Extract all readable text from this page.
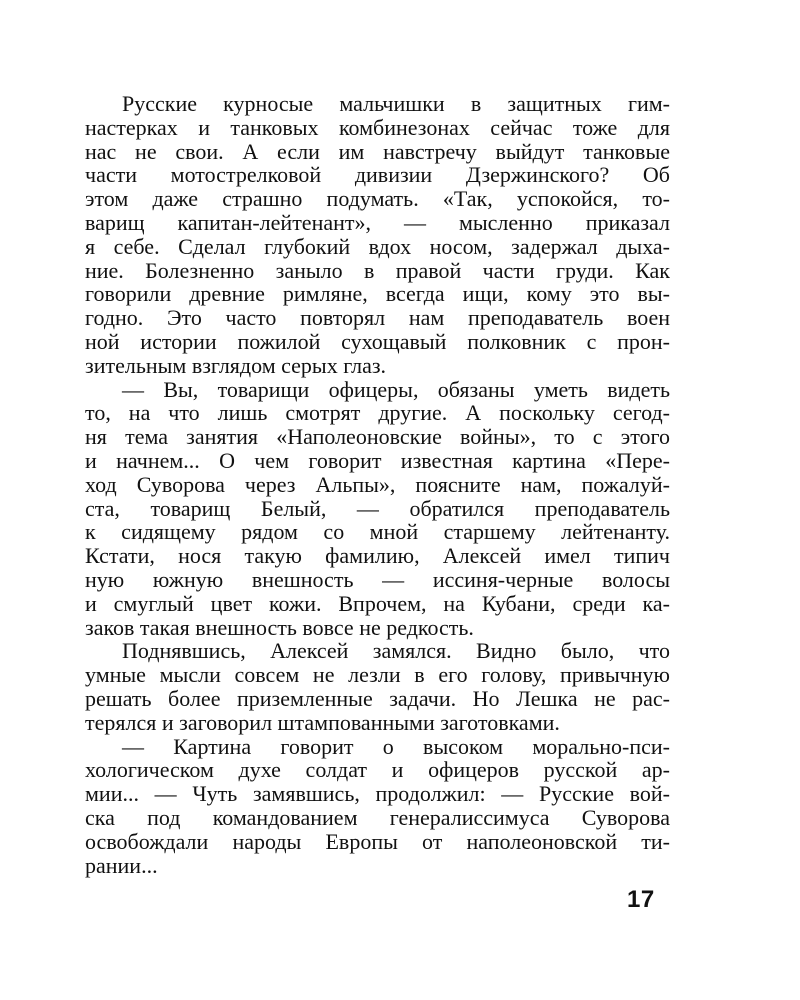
Русские курносые мальчишки в защитных гим-
настерках и танковых комбинезонах сейчас тоже для
нас не свои. А если им навстречу выйдут танковые
части мотострелковой дивизии Дзержинского? Об
этом даже страшно подумать. «Так, успокойся, то-
варищ капитан-лейтенант», — мысленно приказал
я себе. Сделал глубокий вдох носом, задержал дыха-
ние. Болезненно заныло в правой части груди. Как
говорили древние римляне, всегда ищи, кому это вы-
годно. Это часто повторял нам преподаватель воен
ной истории пожилой сухощавый полковник с прон-
зительным взглядом серых глаз.
— Вы, товарищи офицеры, обязаны уметь видеть
то, на что лишь смотрят другие. А поскольку сегод-
ня тема занятия «Наполеоновские войны», то с этого
и начнем... О чем говорит известная картина «Пере-
ход Суворова через Альпы», поясните нам, пожалуй-
ста, товарищ Белый, — обратился преподаватель
к сидящему рядом со мной старшему лейтенанту.
Кстати, нося такую фамилию, Алексей имел типич
ную южную внешность — иссиня-черные волосы
и смуглый цвет кожи. Впрочем, на Кубани, среди ка-
заков такая внешность вовсе не редкость.
Поднявшись, Алексей замялся. Видно было, что
умные мысли совсем не лезли в его голову, привычную
решать более приземленные задачи. Но Лешка не рас-
терялся и заговорил штампованными заготовками.
— Картина говорит о высоком морально-пси-
хологическом духе солдат и офицеров русской ар-
мии... — Чуть замявшись, продолжил: — Русские вой-
ска под командованием генералиссимуса Суворова
освобождали народы Европы от наполеоновской ти-
рании...
17
